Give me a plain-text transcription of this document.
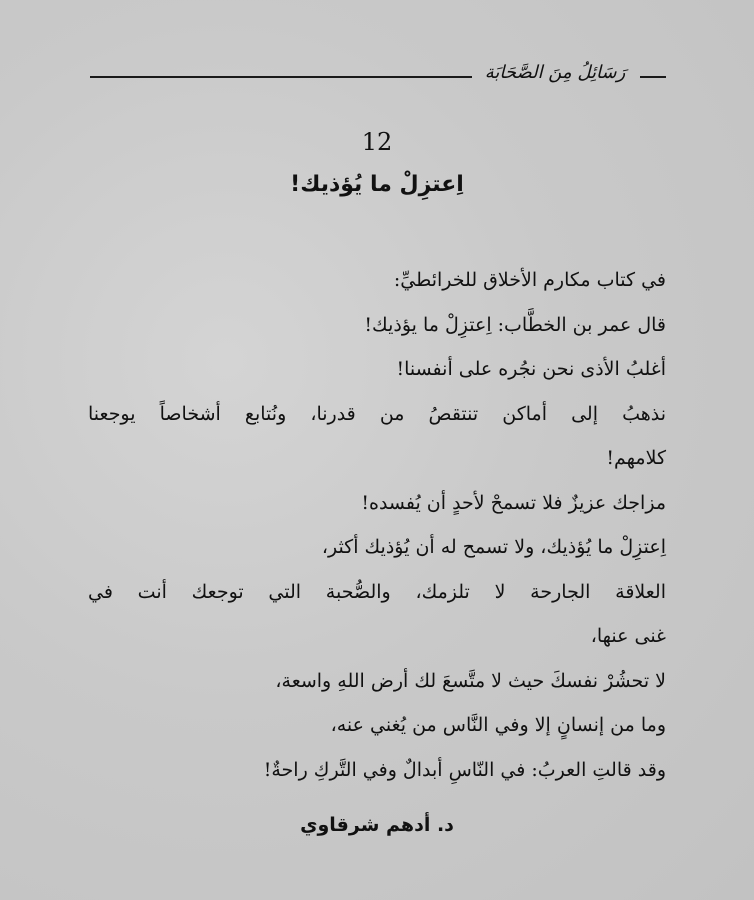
رَسَائِلُ مِنَ الصَّحَابَة
12
اِعتزِلْ ما يُؤذيك!
في كتاب مكارم الأخلاق للخرائطيِّ:
قال عمر بن الخطَّاب: اِعتزِلْ ما يؤذيك!
أغلبُ الأذى نحن نجُره على أنفسنا!
نذهبُ إلى أماكن تنتقصُ من قدرنا، ونُتابع أشخاصاً يوجعنا
كلامهم!
مزاجك عزيزٌ فلا تسمحْ لأحدٍ أن يُفسده!
اِعتزِلْ ما يُؤذيك، ولا تسمح له أن يُؤذيك أكثر،
العلاقة الجارحة لا تلزمك، والصُّحبة التي توجعك أنت في
غنى عنها،
لا تحشُرْ نفسكَ حيث لا متَّسعَ لك أرض اللهِ واسعة،
وما من إنسانٍ إلا وفي النَّاس من يُغني عنه،
وقد قالتِ العربُ: في النّاسِ أبدالٌ وفي التَّركِ راحةٌ!
د. أدهم شرقاوي
